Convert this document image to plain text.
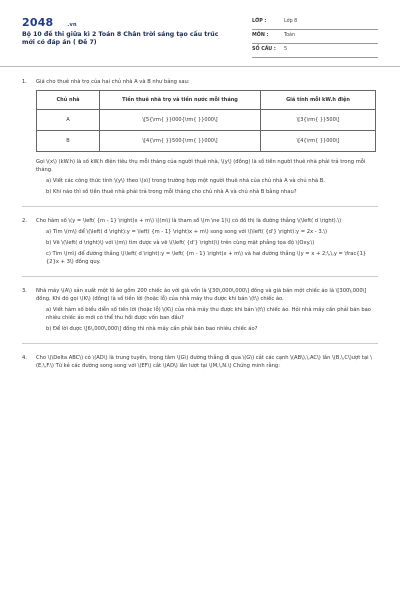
2048	.vn
Bộ 10 đề thi giữa kì 2 Toán 8 Chân trời sáng tạo cấu trúc mới có đáp án ( Đề 7)
LỚP :	Lớp 8
MÔN :	Toán
SỐ CÂU : 5
1.	Giá cho thuê nhà trọ của hai chủ nhà A và B như bảng sau:
Chủ nhà	Tiền thuê nhà trọ và tiền nước mỗi tháng	Giá tính mỗi kW.h điện
A	\[5{\rm{ }}000{\rm{ }}000\]	\[3{\rm{ }}500\]
B	\[4{\rm{ }}500{\rm{ }}000\]	\[4{\rm{ }}000\]
Gọi \(x\) (kW.h) là số kW.h điện tiêu thụ mỗi tháng của người thuê nhà, \(y\) (đồng) là số tiền người thuê nhà phải trả trong mỗi tháng.
a) Viết các công thức tính \(y\) theo \(x\) trong trường hợp một người thuê nhà của chủ nhà A và chủ nhà B.
b) Khi nào thì số tiền thuê nhà phải trả trong mỗi tháng cho chủ nhà A và chủ nhà B bằng nhau?
2.	Cho hàm số \(y = \left( {m - 1} \right)x + m\) \((m\) là tham số \(m \ne 1)\) có đồ thị là đường thẳng \(\left( d \right).\)
a) Tìm \(m\) để \(\left( d \right):y = \left( {m - 1} \right)x + m\) song song với \(\left( {d'} \right):y = 2x - 3.\)
b) Vẽ \(\left( d \right)\) với \(m\) tìm được và vẽ \(\left( {d'} \right)\) trên cùng mặt phẳng tọa độ \(Oxy.\)
c) Tìm \(m\) để đường thẳng \(\left( d \right):y = \left( {m - 1} \right)x + m\) và hai đường thẳng \(y = x + 2;\,\,y = \frac{1}{2}x + 3\) đồng quy.
3.	Nhà máy \(A\) sản xuất một lô áo gồm 200 chiếc áo với giá vốn là \[30\,000\,000\] đồng và giá bán một chiếc áo là \[300\,000\] đồng. Khi đó gọi \(K\) (đồng) là số tiền lời (hoặc lỗ) của nhà máy thu được khi bán \(t\) chiếc áo.
a) Viết hàm số biểu diễn số tiền lời (hoặc lỗ) \(K\) của nhà máy thu được khi bán \(t\) chiếc áo. Hỏi nhà máy cần phải bán bao nhiêu chiếc áo mới có thể thu hồi được vốn ban đầu?
b) Để lời được \[6\,000\,000\] đồng thì nhà máy cần phải bán bao nhiêu chiếc áo?
4.	Cho \(\Delta ABC\) có \(AD\) là trung tuyến, trọng tâm \(G\) đường thẳng đi qua \(G\) cắt các cạnh \(AB\),\,AC\) lần \(B,\,C\)ượt tại \(E,\,F.\) Từ kẻ các đường song song với \(EF\) cắt \(AD\) lần lượt tại \(M,\,N.\) Chứng minh rằng:
